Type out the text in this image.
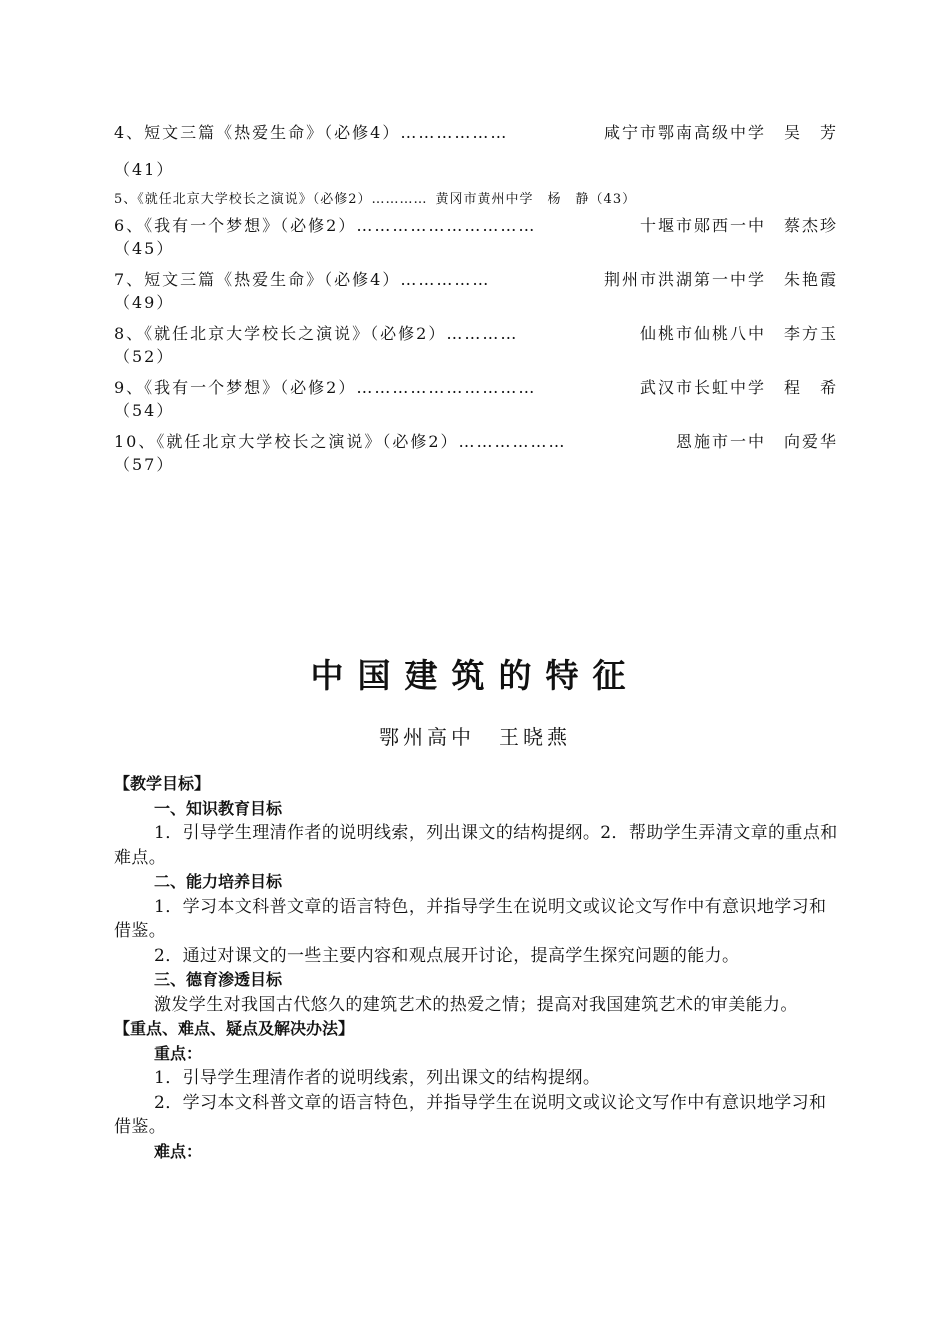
4、短文三篇《热爱生命》（必修4）………………	咸宁市鄂南高级中学　吴　芳
（41）
5、《就任北京大学校长之演说》（必修2）………… 黄冈市黄州中学　杨　静（43）
6、《我有一个梦想》（必修2）…………………………	十堰市郧西一中　蔡杰珍
（45）
7、短文三篇《热爱生命》（必修4）……………	荆州市洪湖第一中学　朱艳霞
（49）
8、《就任北京大学校长之演说》（必修2）…………	仙桃市仙桃八中　李方玉
（52）
9、《我有一个梦想》（必修2）…………………………	武汉市长虹中学　程　希
（54）
10、《就任北京大学校长之演说》（必修2）………………	恩施市一中　向爱华
（57）
中国建筑的特征
鄂州高中　王晓燕
【教学目标】
一、知识教育目标
1．引导学生理清作者的说明线索，列出课文的结构提纲。2．帮助学生弄清文章的重点和难点。
二、能力培养目标
1．学习本文科普文章的语言特色，并指导学生在说明文或议论文写作中有意识地学习和借鉴。
2．通过对课文的一些主要内容和观点展开讨论，提高学生探究问题的能力。
三、德育渗透目标
激发学生对我国古代悠久的建筑艺术的热爱之情；提高对我国建筑艺术的审美能力。
【重点、难点、疑点及解决办法】
重点：
1．引导学生理清作者的说明线索，列出课文的结构提纲。
2．学习本文科普文章的语言特色，并指导学生在说明文或议论文写作中有意识地学习和借鉴。
难点：
